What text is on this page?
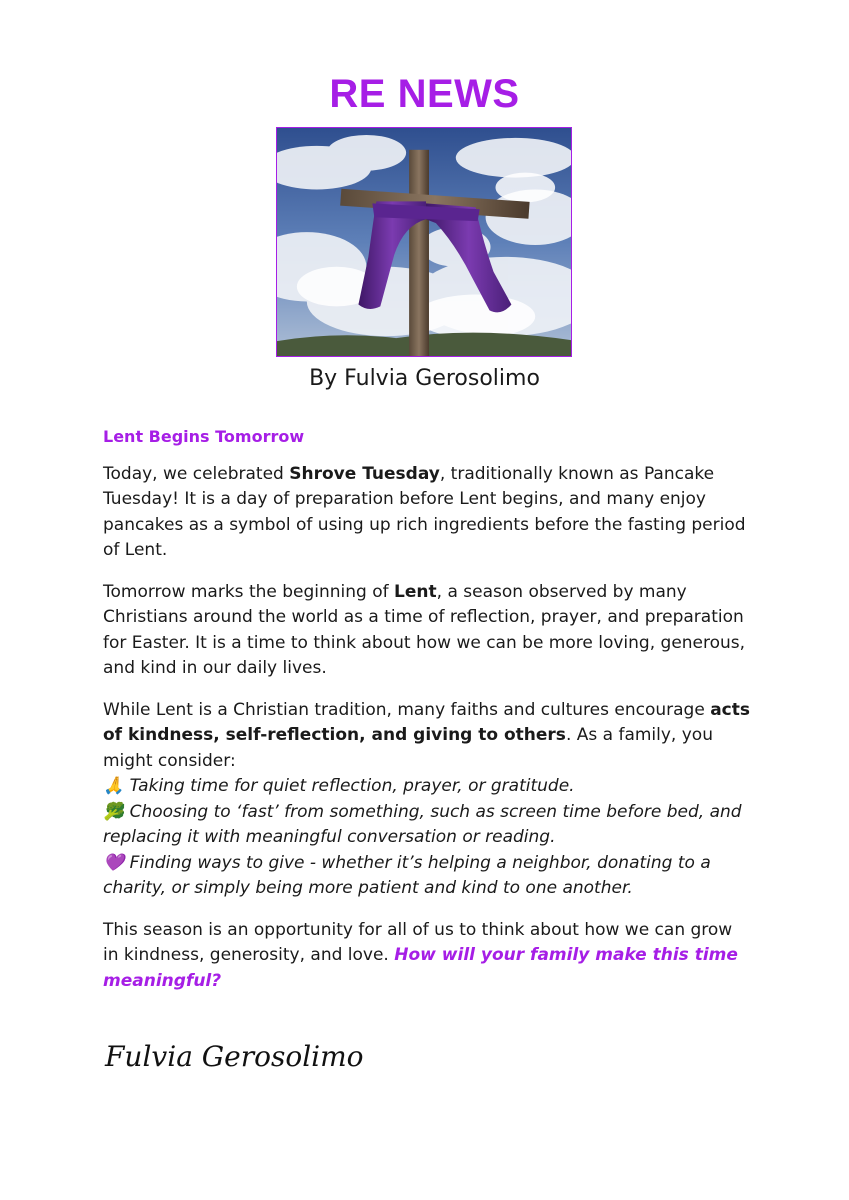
RE NEWS
By Fulvia Gerosolimo
Lent Begins Tomorrow

Today, we celebrated Shrove Tuesday, traditionally known as Pancake Tuesday! It is a day of preparation before Lent begins, and many enjoy pancakes as a symbol of using up rich ingredients before the fasting period of Lent.

Tomorrow marks the beginning of Lent, a season observed by many Christians around the world as a time of reflection, prayer, and preparation for Easter. It is a time to think about how we can be more loving, generous, and kind in our daily lives.

While Lent is a Christian tradition, many faiths and cultures encourage acts of kindness, self-reflection, and giving to others. As a family, you might consider:
🙏 Taking time for quiet reflection, prayer, or gratitude.
🥦 Choosing to ‘fast’ from something, such as screen time before bed, and replacing it with meaningful conversation or reading.
💜 Finding ways to give - whether it’s helping a neighbor, donating to a charity, or simply being more patient and kind to one another.

This season is an opportunity for all of us to think about how we can grow in kindness, generosity, and love. How will your family make this time meaningful?

Fulvia Gerosolimo
